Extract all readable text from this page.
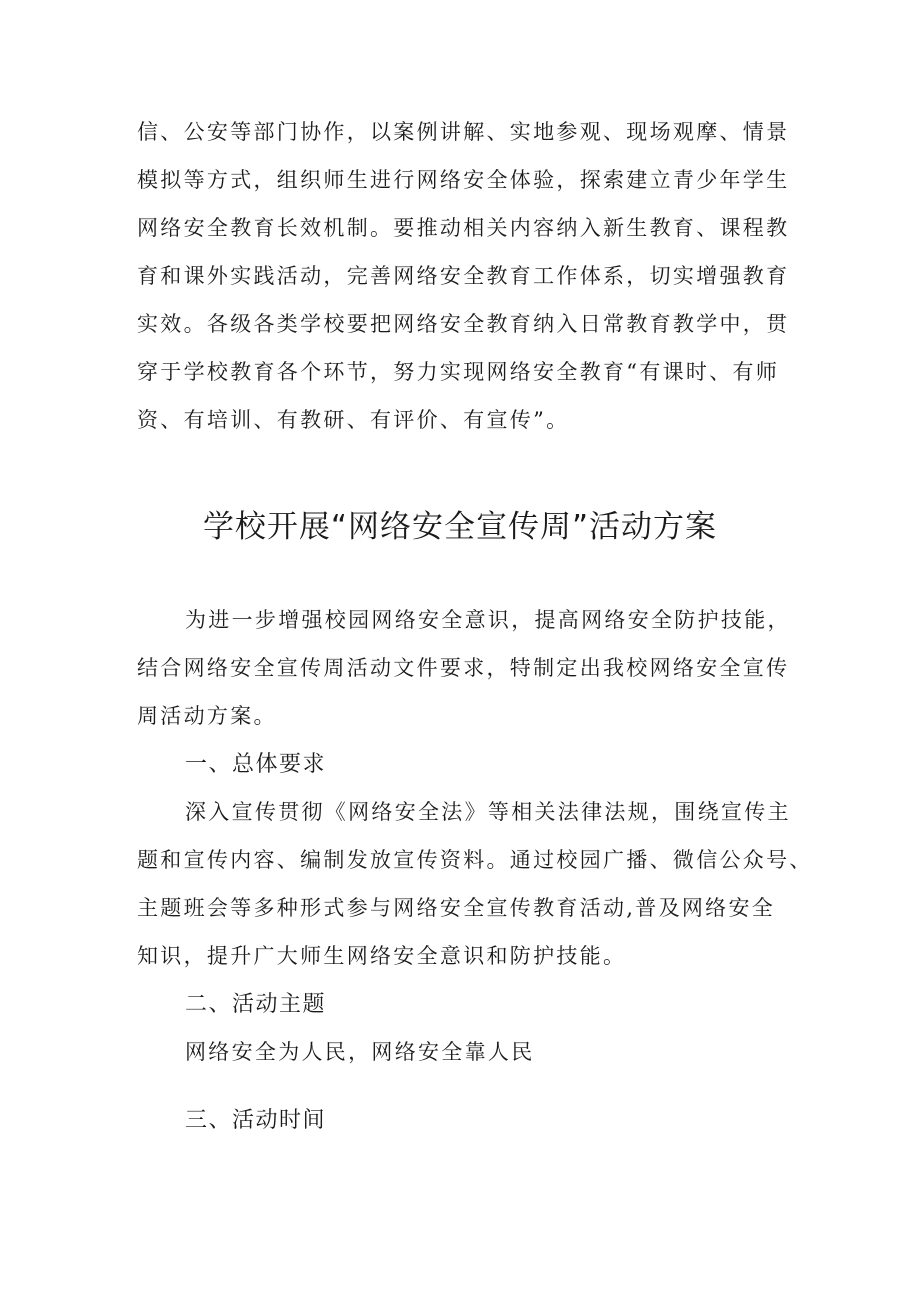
信、公安等部门协作，以案例讲解、实地参观、现场观摩、情景
模拟等方式，组织师生进行网络安全体验，探索建立青少年学生
网络安全教育长效机制。要推动相关内容纳入新生教育、课程教
育和课外实践活动，完善网络安全教育工作体系，切实增强教育
实效。各级各类学校要把网络安全教育纳入日常教育教学中，贯
穿于学校教育各个环节，努力实现网络安全教育“有课时、有师
资、有培训、有教研、有评价、有宣传”。
学校开展“网络安全宣传周”活动方案
为进一步增强校园网络安全意识，提高网络安全防护技能，
结合网络安全宣传周活动文件要求，特制定出我校网络安全宣传
周活动方案。
一、总体要求
深入宣传贯彻《网络安全法》等相关法律法规，围绕宣传主
题和宣传内容、编制发放宣传资料。通过校园广播、微信公众号、
主题班会等多种形式参与网络安全宣传教育活动,普及网络安全
知识，提升广大师生网络安全意识和防护技能。
二、活动主题
网络安全为人民，网络安全靠人民
三、活动时间
